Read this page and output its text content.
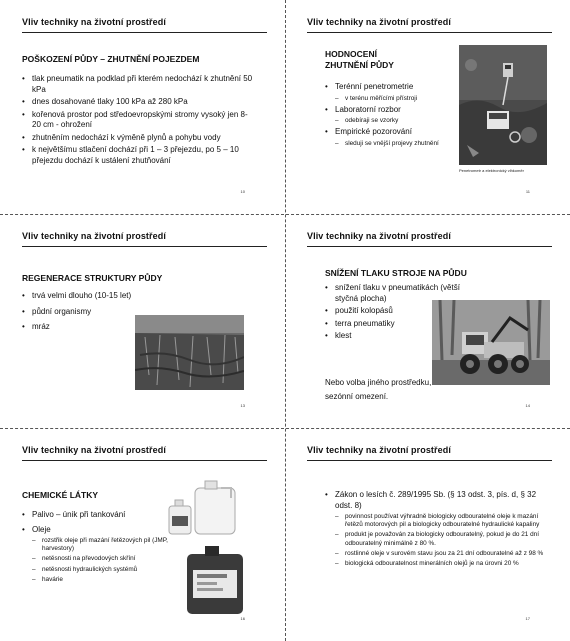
Vliv techniky na životní prostředí
POŠKOZENÍ PŮDY – ZHUTNĚNÍ POJEZDEM
• tlak pneumatik na podklad při kterém nedochází k zhutnění 50 kPa
• dnes dosahované tlaky 100 kPa až 280 kPa
• kořenová prostor pod středoevropskými stromy vysoký jen 8-20 cm - ohrožení
• zhutněním nedochází k výměně plynů a pohybu vody
• k největšímu stlačení dochází při 1 – 3 přejezdu, po 5 – 10 přejezdu dochází k ustálení zhutňování
10
Vliv techniky na životní prostředí
HODNOCENÍ ZHUTNĚNÍ PŮDY
• Terénní penetrometrie
– v terénu měřícími přístroji
• Laboratorní rozbor
– odebíraji se vzorky
• Empirické pozorování
– sleduji se vnější projevy zhutnění
Penetrometr a elektronický vlhkoměr
11
Vliv techniky na životní prostředí
REGENERACE STRUKTURY PŮDY
• trvá velmi dlouho (10-15 let)
• půdní organismy
• mráz
13
Vliv techniky na životní prostředí
SNÍŽENÍ TLAKU STROJE NA PŮDU
• snížení tlaku v pneumatikách (větší styčná plocha)
• použití kolopásů
• terra pneumatiky
• klest
Nebo volba jiného prostředku, sezónní omezení.
14
Vliv techniky na životní prostředí
CHEMICKÉ LÁTKY
• Palivo – únik při tankování
• Oleje
– rozstřik oleje při mazání řetězových pil (JMP, harvestory)
– netěsnosti na převodových skříní
– netěsnosti hydraulických systémů
– havárie
16
Vliv techniky na životní prostředí
• Zákon o lesích č. 289/1995 Sb. (§ 13 odst. 3, pís. d, § 32 odst. 8)
– povinnost používat výhradně biologicky odbouratelné oleje k mazání řetězů motorových pil a biologicky odbouratelné hydraulické kapaliny
– produkt je považován za biologicky odbouratelný, pokud je do 21 dní odbouratelný minimálně z 80 %.
– rostlinné oleje v surovém stavu jsou za 21 dní odbouratelné až z 98 %
– biologická odbouratelnost minerálních olejů je na úrovni 20 %
17
